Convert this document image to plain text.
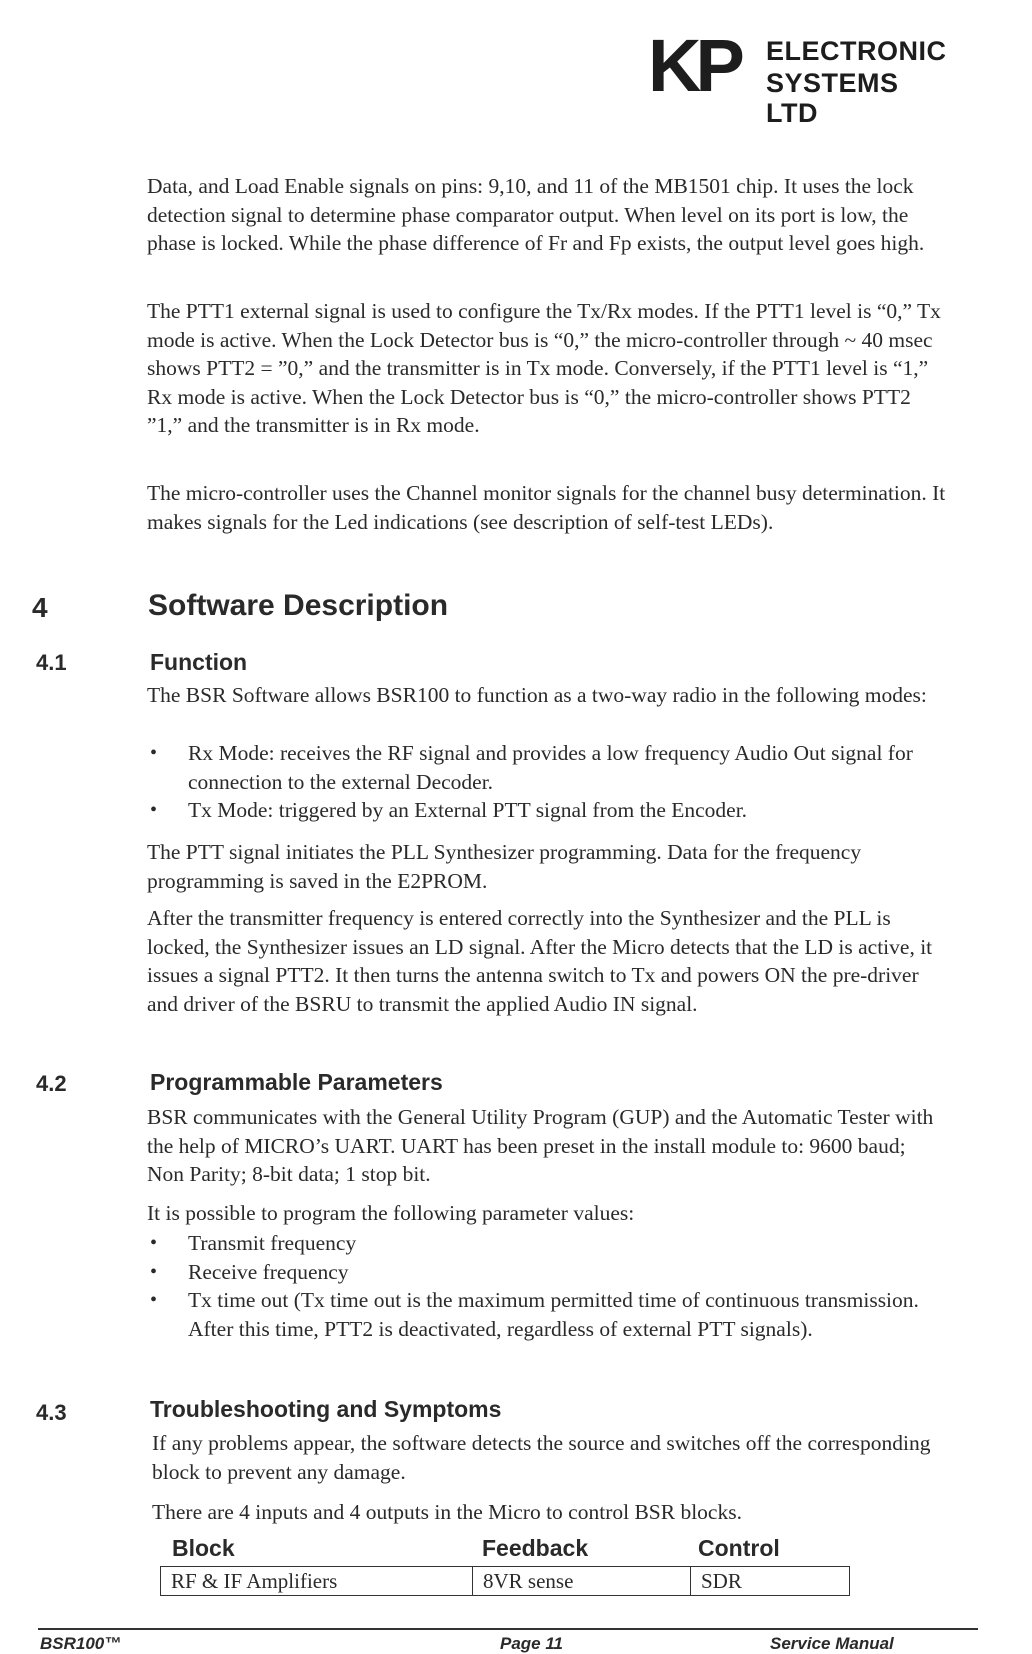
KP ELECTRONIC
SYSTEMS LTD

Data, and Load Enable signals on pins: 9,10, and 11 of the MB1501 chip. It uses the lock detection signal to determine phase comparator output. When level on its port is low, the phase is locked. While the phase difference of Fr and Fp exists, the output level goes high.

The PTT1 external signal is used to configure the Tx/Rx modes. If the PTT1 level is “0,” Tx mode is active. When the Lock Detector bus is “0,” the micro-controller through ~ 40 msec shows PTT2 = ”0,” and the transmitter is in Tx mode. Conversely, if the PTT1 level is “1,” Rx mode is active. When the Lock Detector bus is “0,” the micro-controller shows PTT2 ”1,” and the transmitter is in Rx mode.

The micro-controller uses the Channel monitor signals for the channel busy determination. It makes signals for the Led indications (see description of self-test LEDs).

4	Software Description
4.1	Function

The BSR Software allows BSR100 to function as a two-way radio in the following modes:

• Rx Mode: receives the RF signal and provides a low frequency Audio Out signal for connection to the external Decoder.
• Tx Mode: triggered by an External PTT signal from the Encoder.

The PTT signal initiates the PLL Synthesizer programming. Data for the frequency programming is saved in the E2PROM.

After the transmitter frequency is entered correctly into the Synthesizer and the PLL is locked, the Synthesizer issues an LD signal. After the Micro detects that the LD is active, it issues a signal PTT2. It then turns the antenna switch to Tx and powers ON the pre-driver and driver of the BSRU to transmit the applied Audio IN signal.

4.2	Programmable Parameters

BSR communicates with the General Utility Program (GUP) and the Automatic Tester with the help of MICRO’s UART. UART has been preset in the install module to: 9600 baud; Non Parity; 8-bit data; 1 stop bit.

It is possible to program the following parameter values:

• Transmit frequency
• Receive frequency
• Tx time out (Tx time out is the maximum permitted time of continuous transmission. After this time, PTT2 is deactivated, regardless of external PTT signals).
4.3	Troubleshooting and Symptoms

If any problems appear, the software detects the source and switches off the corresponding block to prevent any damage.

There are 4 inputs and 4 outputs in the Micro to control BSR blocks.

Block	Feedback	Control
RF & IF Amplifiers	8VR sense	SDR
BSR100™	Page 11	Service Manual
